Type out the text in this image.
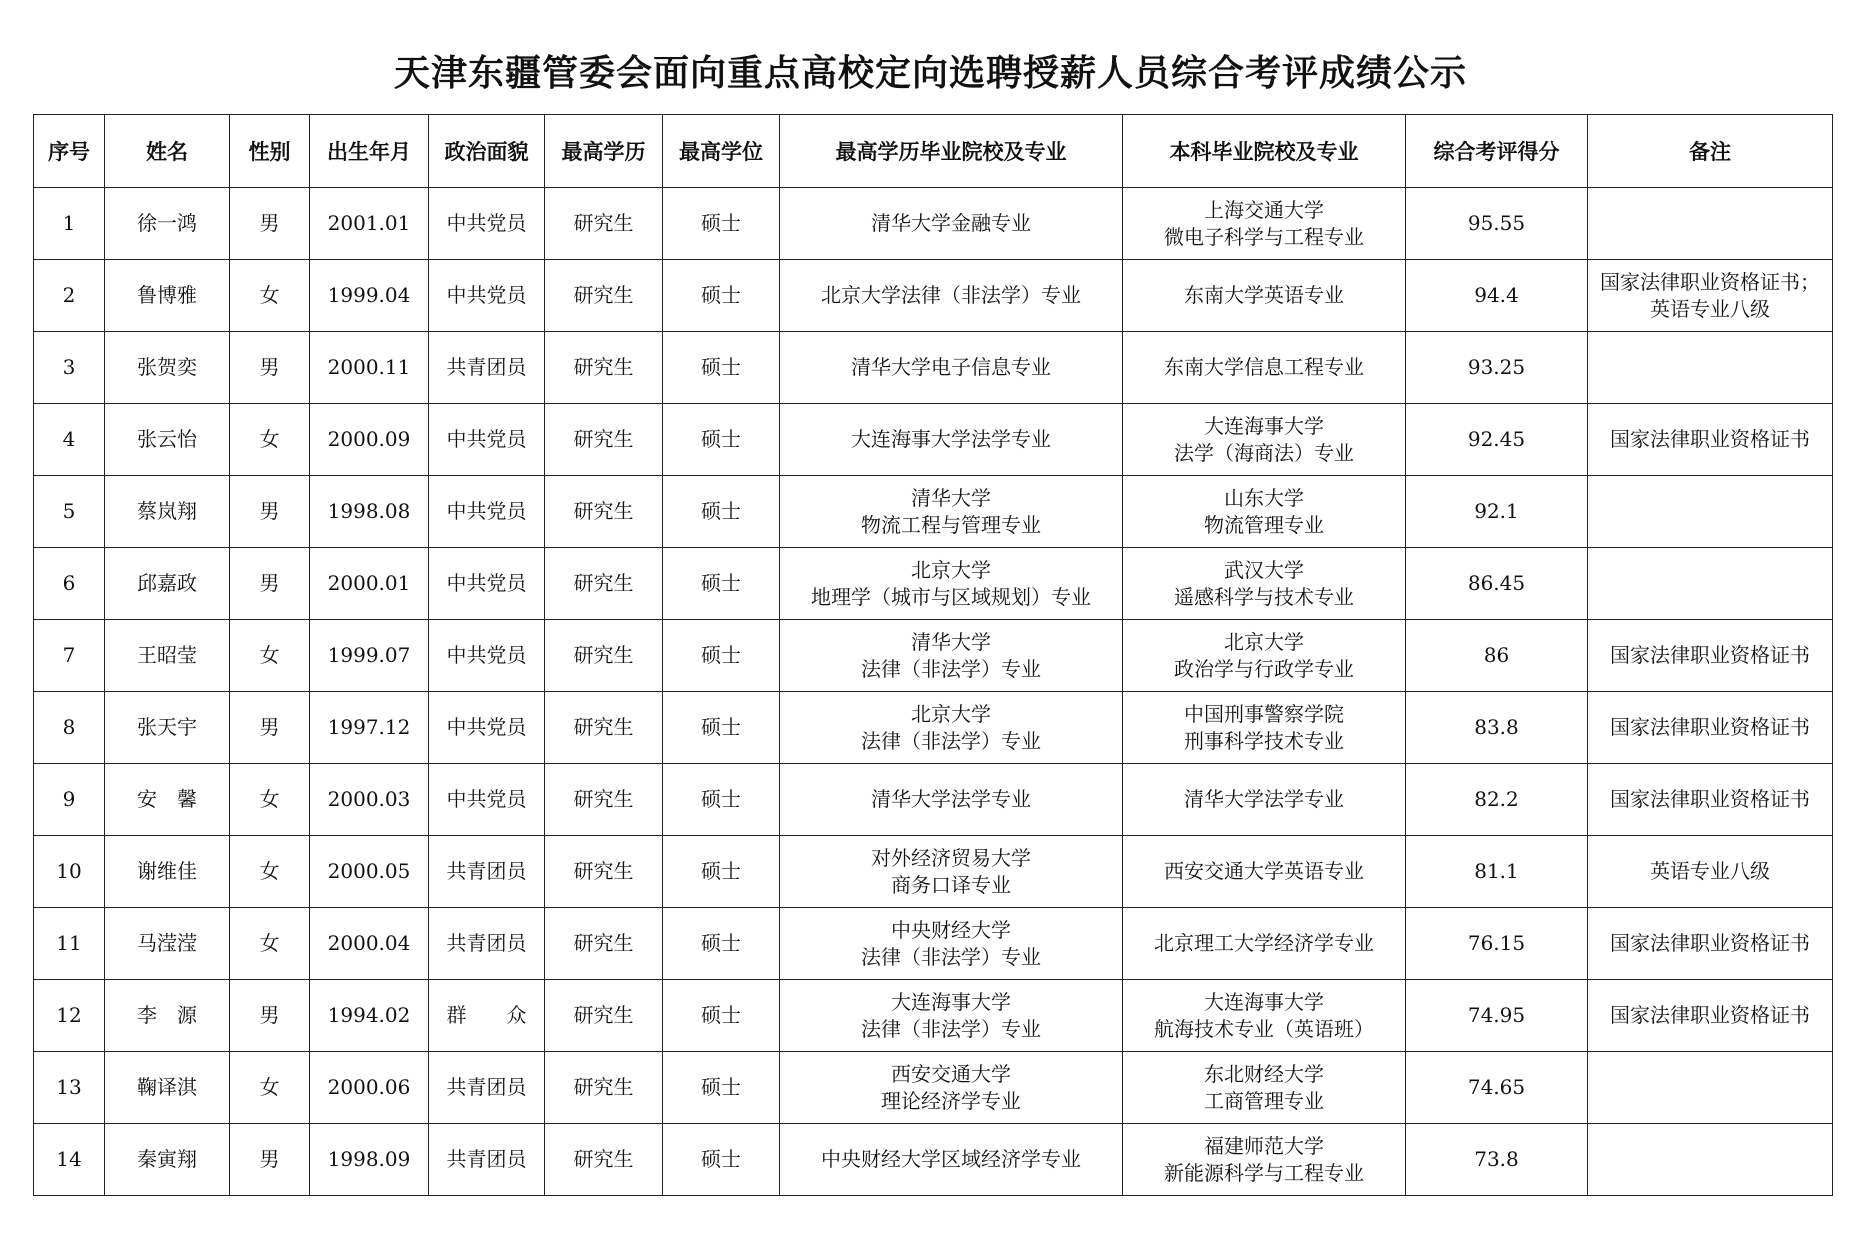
天津东疆管委会面向重点高校定向选聘授薪人员综合考评成绩公示
序号	姓名	性别	出生年月	政治面貌	最高学历	最高学位	最高学历毕业院校及专业	本科毕业院校及专业	综合考评得分	备注
1	徐一鸿	男	2001.01	中共党员	研究生	硕士	清华大学金融专业	上海交通大学
微电子科学与工程专业	95.55	

2	鲁博雅	女	1999.04	中共党员	研究生	硕士	北京大学法律（非法学）专业	东南大学英语专业	94.4	国家法律职业资格证书；英语专业八级

3	张贺奕	男	2000.11	共青团员	研究生	硕士	清华大学电子信息专业	东南大学信息工程专业	93.25	

4	张云怡	女	2000.09	中共党员	研究生	硕士	大连海事大学法学专业	大连海事大学
法学（海商法）专业	92.45	国家法律职业资格证书

5	蔡岚翔	男	1998.08	中共党员	研究生	硕士	清华大学
物流工程与管理专业	山东大学
物流管理专业	92.1	

6	邱嘉政	男	2000.01	中共党员	研究生	硕士	北京大学
地理学（城市与区域规划）专业	武汉大学
遥感科学与技术专业	86.45	

7	王昭莹	女	1999.07	中共党员	研究生	硕士	清华大学
法律（非法学）专业	北京大学
政治学与行政学专业	86	国家法律职业资格证书

8	张天宇	男	1997.12	中共党员	研究生	硕士	北京大学
法律（非法学）专业	中国刑事警察学院
刑事科学技术专业	83.8	国家法律职业资格证书

9	安　馨	女	2000.03	中共党员	研究生	硕士	清华大学法学专业	清华大学法学专业	82.2	国家法律职业资格证书

10	谢维佳	女	2000.05	共青团员	研究生	硕士	对外经济贸易大学
商务口译专业	西安交通大学英语专业	81.1	英语专业八级

11	马滢滢	女	2000.04	共青团员	研究生	硕士	中央财经大学
法律（非法学）专业	北京理工大学经济学专业	76.15	国家法律职业资格证书

12	李　源	男	1994.02	群　　众	研究生	硕士	大连海事大学
法律（非法学）专业	大连海事大学
航海技术专业（英语班）	74.95	国家法律职业资格证书

13	鞠译淇	女	2000.06	共青团员	研究生	硕士	西安交通大学
理论经济学专业	东北财经大学
工商管理专业	74.65	

14	秦寅翔	男	1998.09	共青团员	研究生	硕士	中央财经大学区域经济学专业	福建师范大学
新能源科学与工程专业	73.8	
